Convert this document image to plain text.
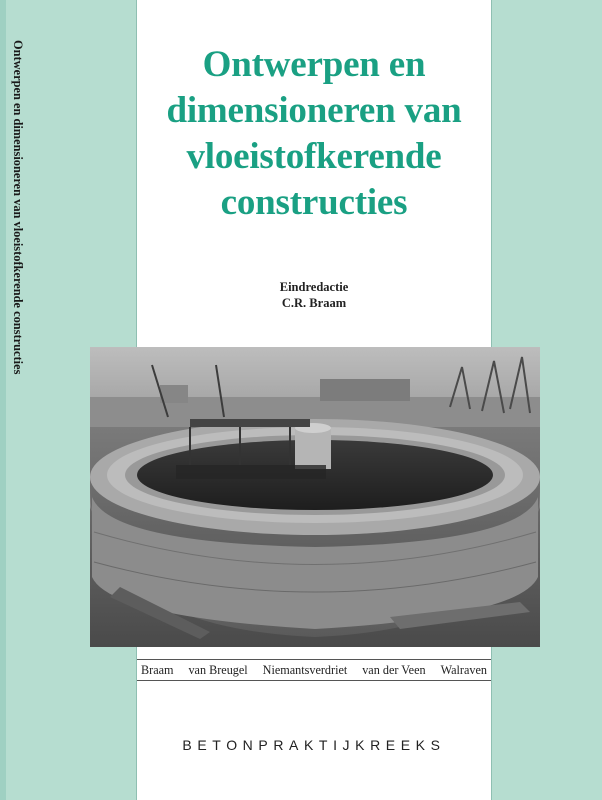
Ontwerpen en dimensioneren van vloeistofkerende constructies	Ontwerpen en
dimensioneren van
vloeistofkerende
constructies
Eindredactie
C.R. Braam
Braam van Breugel Niemantsverdriet van der Veen Walraven
BETONPRAKTIJKREEKS
